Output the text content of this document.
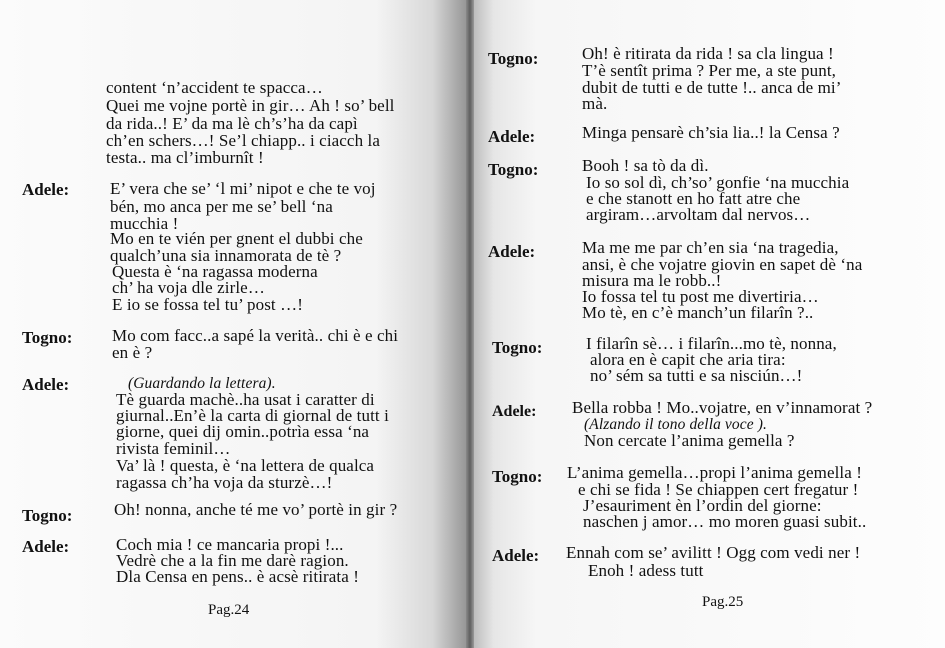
content ‘n’accident te spacca…
Quei me vojne portè in gir… Ah ! so’ bell
da rida..! E’ da ma lè ch’s’ha da capì
ch’en schers…! Se’l chiapp.. i ciacch la
testa.. ma cl’imburnît !
Adele: E’ vera che se’ ‘l mi’ nipot e che te voj
bén, mo anca per me se’ bell ‘na
mucchia !
Mo en te vién per gnent el dubbi che
qualch’una sia innamorata de tè ?
Questa è ‘na ragassa moderna
ch’ ha voja dle zirle…
E io se fossa tel tu’ post …!
Togno: Mo com facc..a sapé la verità.. chi è e chi
en è ?
Adele:	(Guardando la lettera).
Tè guarda machè..ha usat i caratter di
giurnal..En’è la carta di giornal de tutt i
giorne, quei dij omin..potrìa essa ‘na
rivista feminil…
Va’ là ! questa, è ‘na lettera de qualca
ragassa ch’ha voja da sturzè…!
Togno: Oh! nonna, anche té me vo’ portè in gir ?
Adele:	Coch mia ! ce mancaria propi !...
Vedrè che a la fin me darè ragion.
Dla Censa en pens.. è acsè ritirata !
Pag.24
Togno:	Oh! è ritirata da rida ! sa cla lingua !
T’è sentît prima ? Per me, a ste punt,
dubit de tutti e de tutte !.. anca de mi’
mà.
Adele:	Minga pensarè ch’sia lia..! la Censa ?
Togno:	Booh ! sa tò da dì.
Io so sol dì, ch’so’ gonfie ‘na mucchia
e che stanott en ho fatt atre che
argiram…arvoltam dal nervos…
Adele:	Ma me me par ch’en sia ‘na tragedia,
ansi, è che vojatre giovin en sapet dè ‘na
misura ma le robb..!
Io fossa tel tu post me divertiria…
Mo tè, en c’è manch’un filarîn ?..
Togno:	I filarîn sè… i filarîn...mo tè, nonna,
alora en è capit che aria tira:
no’ sém sa tutti e sa nisciún…!
Adele: Bella robba ! Mo..vojatre, en v’innamorat ?
(Alzando il tono della voce ).
Non cercate l’anima gemella ?
Togno: L’anima gemella…propi l’anima gemella !
e chi se fida ! Se chiappen cert fregatur !
J’esauriment èn l’ordin del giorne:
naschen j amor… mo moren guasi subit..
Adele: Ennah com se’ avilitt ! Ogg com vedi ner !
Enoh ! adess tutt
Pag.25
